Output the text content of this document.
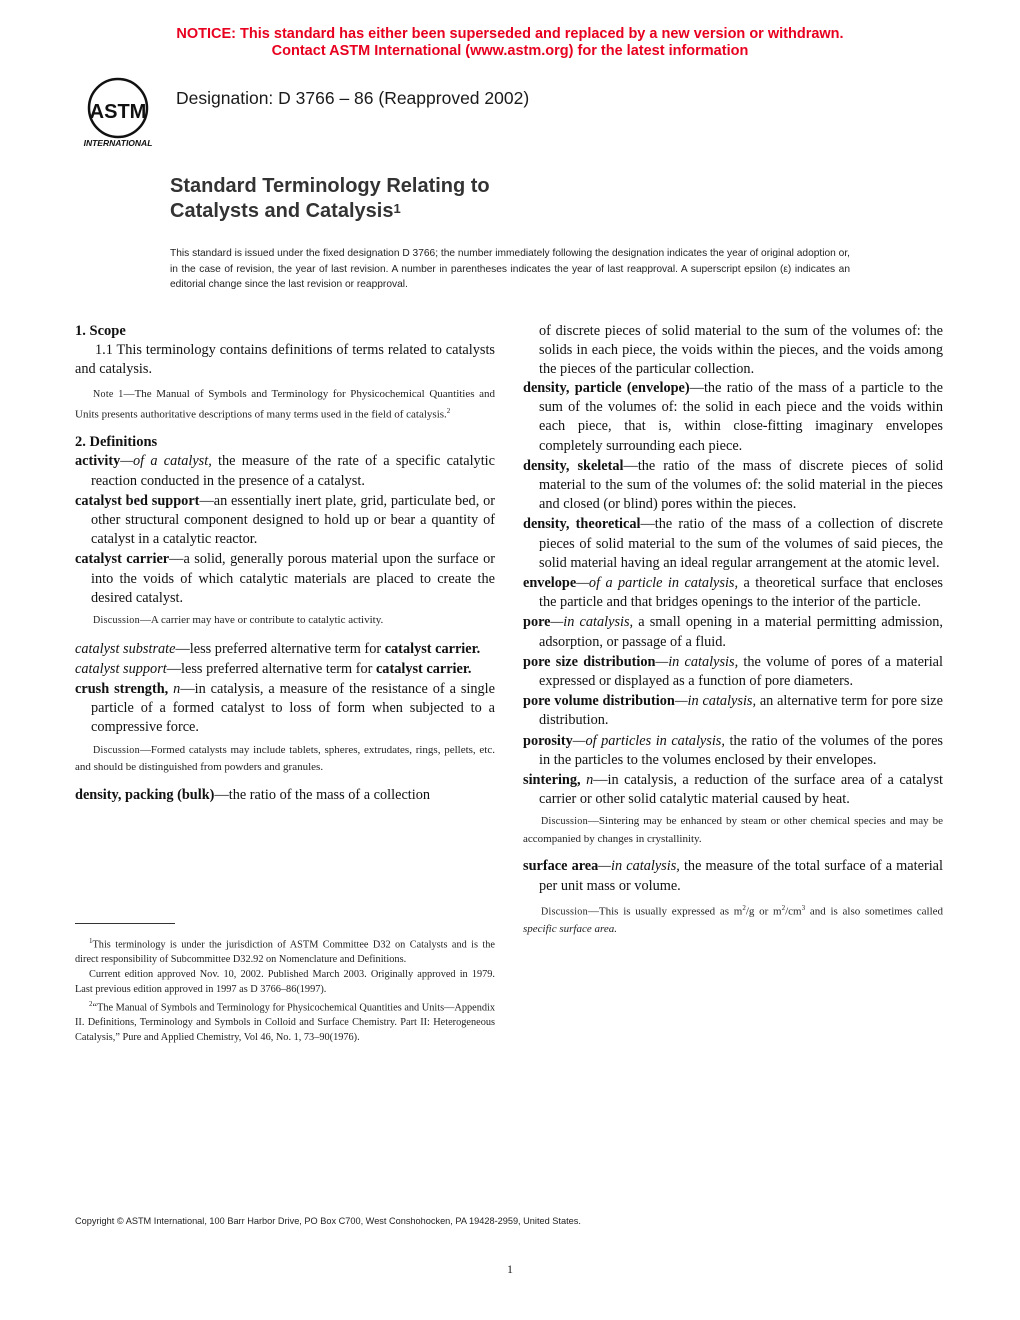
NOTICE: This standard has either been superseded and replaced by a new version or withdrawn.
Contact ASTM International (www.astm.org) for the latest information
ASTM
INTERNATIONAL
Designation: D 3766 – 86 (Reapproved 2002)
Standard Terminology Relating to
Catalysts and Catalysis$^1$
This standard is issued under the fixed designation D 3766; the number immediately following the designation indicates the year of original adoption or, in the case of revision, the year of last revision. A number in parentheses indicates the year of last reapproval. A superscript epsilon (ε) indicates an editorial change since the last revision or reapproval.

1. Scope

1.1 This terminology contains definitions of terms related to catalysts and catalysis.

Note 1—The Manual of Symbols and Terminology for Physicochemical Quantities and Units presents authoritative descriptions of many terms used in the field of catalysis.$^2$

2. Definitions

activity—of a catalyst, the measure of the rate of a specific catalytic reaction conducted in the presence of a catalyst.

catalyst bed support—an essentially inert plate, grid, particulate bed, or other structural component designed to hold up or bear a quantity of catalyst in a catalytic reactor.

catalyst carrier—a solid, generally porous material upon the surface or into the voids of which catalytic materials are placed to create the desired catalyst.

Discussion—A carrier may have or contribute to catalytic activity.

catalyst substrate—less preferred alternative term for catalyst carrier.

catalyst support—less preferred alternative term for catalyst carrier.

crush strength, n—in catalysis, a measure of the resistance of a single particle of a formed catalyst to loss of form when subjected to a compressive force.

Discussion—Formed catalysts may include tablets, spheres, extrudates, rings, pellets, etc. and should be distinguished from powders and granules.

density, packing (bulk)—the ratio of the mass of a collection

$^1$This terminology is under the jurisdiction of ASTM Committee D32 on Catalysts and is the direct responsibility of Subcommittee D32.92 on Nomenclature and Definitions.

Current edition approved Nov. 10, 2002. Published March 2003. Originally approved in 1979. Last previous edition approved in 1997 as D 3766–86(1997).

$^2$“The Manual of Symbols and Terminology for Physicochemical Quantities and Units—Appendix II. Definitions, Terminology and Symbols in Colloid and Surface Chemistry. Part II: Heterogeneous Catalysis,” Pure and Applied Chemistry, Vol 46, No. 1, 73–90(1976).

of discrete pieces of solid material to the sum of the volumes of: the solids in each piece, the voids within the pieces, and the voids among the pieces of the particular collection.

density, particle (envelope)—the ratio of the mass of a particle to the sum of the volumes of: the solid in each piece and the voids within each piece, that is, within close-fitting imaginary envelopes completely surrounding each piece.

density, skeletal—the ratio of the mass of discrete pieces of solid material to the sum of the volumes of: the solid material in the pieces and closed (or blind) pores within the pieces.

density, theoretical—the ratio of the mass of a collection of discrete pieces of solid material to the sum of the volumes of said pieces, the solid material having an ideal regular arrangement at the atomic level.

envelope—of a particle in catalysis, a theoretical surface that encloses the particle and that bridges openings to the interior of the particle.

pore—in catalysis, a small opening in a material permitting admission, adsorption, or passage of a fluid.

pore size distribution—in catalysis, the volume of pores of a material expressed or displayed as a function of pore diameters.

pore volume distribution—in catalysis, an alternative term for pore size distribution.

porosity—of particles in catalysis, the ratio of the volumes of the pores in the particles to the volumes enclosed by their envelopes.

sintering, n—in catalysis, a reduction of the surface area of a catalyst carrier or other solid catalytic material caused by heat.

Discussion—Sintering may be enhanced by steam or other chemical species and may be accompanied by changes in crystallinity.

surface area—in catalysis, the measure of the total surface of a material per unit mass or volume.

Discussion—This is usually expressed as $m^2/g$ or $m^2/cm^3$ and is also sometimes called specific surface area.

Copyright © ASTM International, 100 Barr Harbor Drive, PO Box C700, West Conshohocken, PA 19428-2959, United States.
1
